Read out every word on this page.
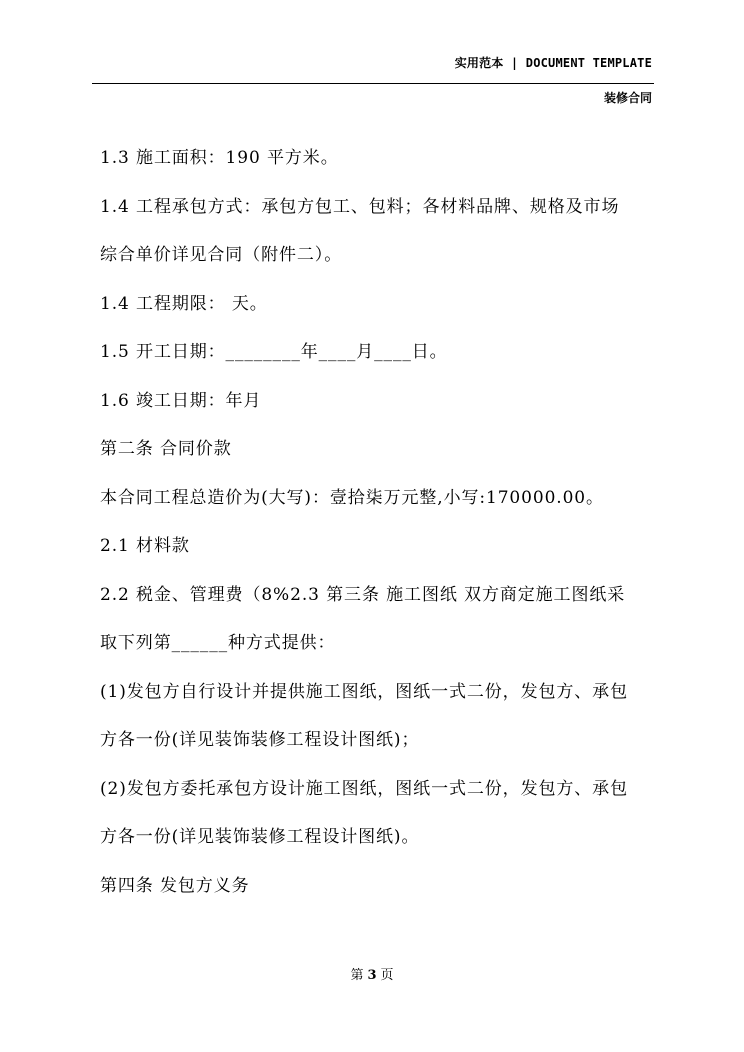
实用范本 | DOCUMENT TEMPLATE
装修合同
1.3 施工面积：190 平方米。
1.4 工程承包方式：承包方包工、包料；各材料品牌、规格及市场
综合单价详见合同（附件二）。
1.4 工程期限： 天。
1.5 开工日期：________年____月____日。
1.6 竣工日期：年月
第二条 合同价款
本合同工程总造价为(大写)：壹拾柒万元整,小写:170000.00。
2.1 材料款
2.2 税金、管理费（8%2.3 第三条 施工图纸 双方商定施工图纸采
取下列第______种方式提供：
(1)发包方自行设计并提供施工图纸，图纸一式二份，发包方、承包
方各一份(详见装饰装修工程设计图纸)；
(2)发包方委托承包方设计施工图纸，图纸一式二份，发包方、承包
方各一份(详见装饰装修工程设计图纸)。
第四条 发包方义务
第 3 页
